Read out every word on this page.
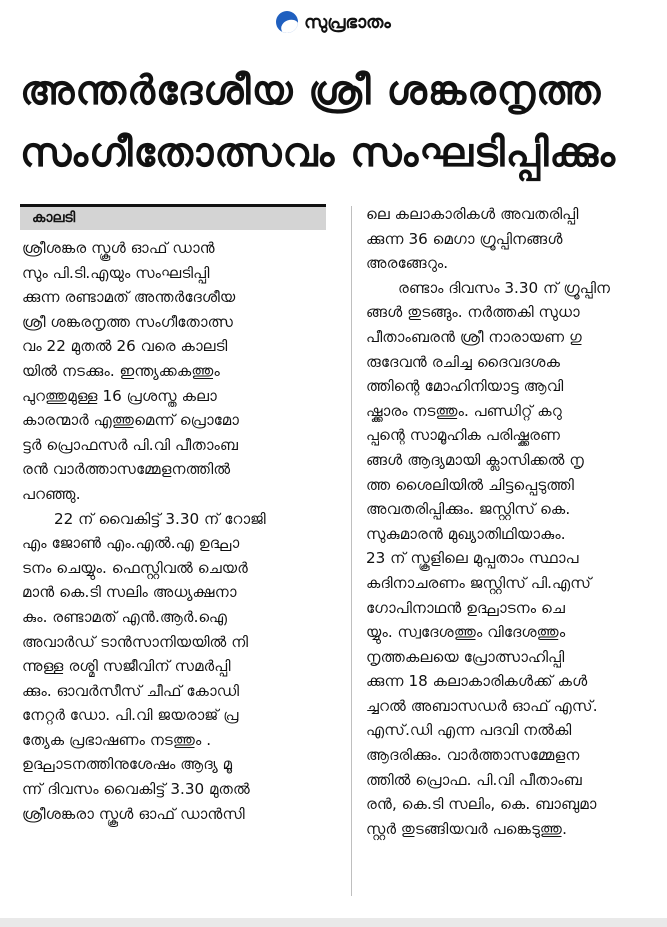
സുപ്രഭാതം
അന്തർദേശീയ ശ്രീ ശങ്കരനൃത്ത
സംഗീതോത്സവം സംഘടിപ്പിക്കും
കാലടി

ശ്രീശങ്കര സ്കൂൾ ഓഫ് ഡാൻ

സും പി.ടി.എയും സംഘടിപ്പി

ക്കുന്ന രണ്ടാമത് അന്തർദേശീയ

ശ്രീ ശങ്കരനൃത്ത സംഗീതോത്സ

വം 22 മുതൽ 26 വരെ കാലടി

യിൽ നടക്കും. ഇന്ത്യക്കകത്തും

പുറത്തുമുള്ള 16 പ്രശസ്ത കലാ

കാരന്മാർ എത്തുമെന്ന് പ്രൊമോ

ട്ടർ പ്രൊഫസർ പി.വി പീതാംബ

രൻ വാർത്താസമ്മേളനത്തിൽ

പറഞ്ഞു.

22 ന് വൈകിട്ട് 3.30 ന് റോജി

എം ജോൺ എം.എൽ.എ ഉദ്ഘാ

ടനം ചെയ്യും. ഫെസ്റ്റിവൽ ചെയർ

മാൻ കെ.ടി സലിം അധ്യക്ഷനാ

കും. രണ്ടാമത് എൻ.ആർ.ഐ

അവാർഡ് ടാൻസാനിയയിൽ നി

ന്നുള്ള രശ്മി സജീവിന് സമർപ്പി

ക്കും. ഓവർസീസ് ചീഫ് കോഡി

നേറ്റർ ഡോ. പി.വി ജയരാജ് പ്ര

ത്യേക പ്രഭാഷണം നടത്തും .

ഉദ്ഘാടനത്തിനുശേഷം ആദ്യ മൂ

ന്ന് ദിവസം വൈകിട്ട് 3.30 മുതൽ

ശ്രീശങ്കരാ സ്കൂൾ ഓഫ് ഡാൻസി

ലെ കലാകാരികൾ അവതരിപ്പി

ക്കുന്ന 36 മെഗാ ഗ്രൂപ്പിനങ്ങൾ

അരങ്ങേറും.

രണ്ടാം ദിവസം 3.30 ന് ഗ്രൂപ്പിന

ങ്ങൾ തുടങ്ങും. നർത്തകി സുധാ

പീതാംബരൻ ശ്രീ നാരായണ ഗു

രുദേവൻ രചിച്ച ദൈവദശക

ത്തിന്റെ മോഹിനിയാട്ട ആവി

ഷ്ക്കാരം നടത്തും. പണ്ഡിറ്റ് കറു

പ്പന്റെ സാമൂഹിക പരിഷ്ക്കരണ

ങ്ങൾ ആദ്യമായി ക്ലാസിക്കൽ നൃ

ത്ത ശൈലിയിൽ ചിട്ടപ്പെടുത്തി

അവതരിപ്പിക്കും. ജസ്റ്റിസ് കെ.

സുകുമാരൻ മുഖ്യാതിഥിയാകും.

23 ന് സ്കൂളിലെ മുപ്പതാം സ്ഥാപ

കദിനാചരണം ജസ്റ്റിസ് പി.എസ്

ഗോപിനാഥൻ ഉദ്ഘാടനം ചെ

യ്യും. സ്വദേശത്തും വിദേശത്തും

നൃത്തകലയെ പ്രോത്സാഹിപ്പി

ക്കുന്ന 18 കലാകാരികൾക്ക് കൾ

ച്ചറൽ അബാസഡർ ഓഫ് എസ്.

എസ്.ഡി എന്ന പദവി നൽകി

ആദരിക്കും. വാർത്താസമ്മേളന

ത്തിൽ പ്രൊഫ. പി.വി പീതാംബ

രൻ, കെ.ടി സലിം, കെ. ബാബുമാ

സ്റ്റർ തുടങ്ങിയവർ പങ്കെടുത്തു.
